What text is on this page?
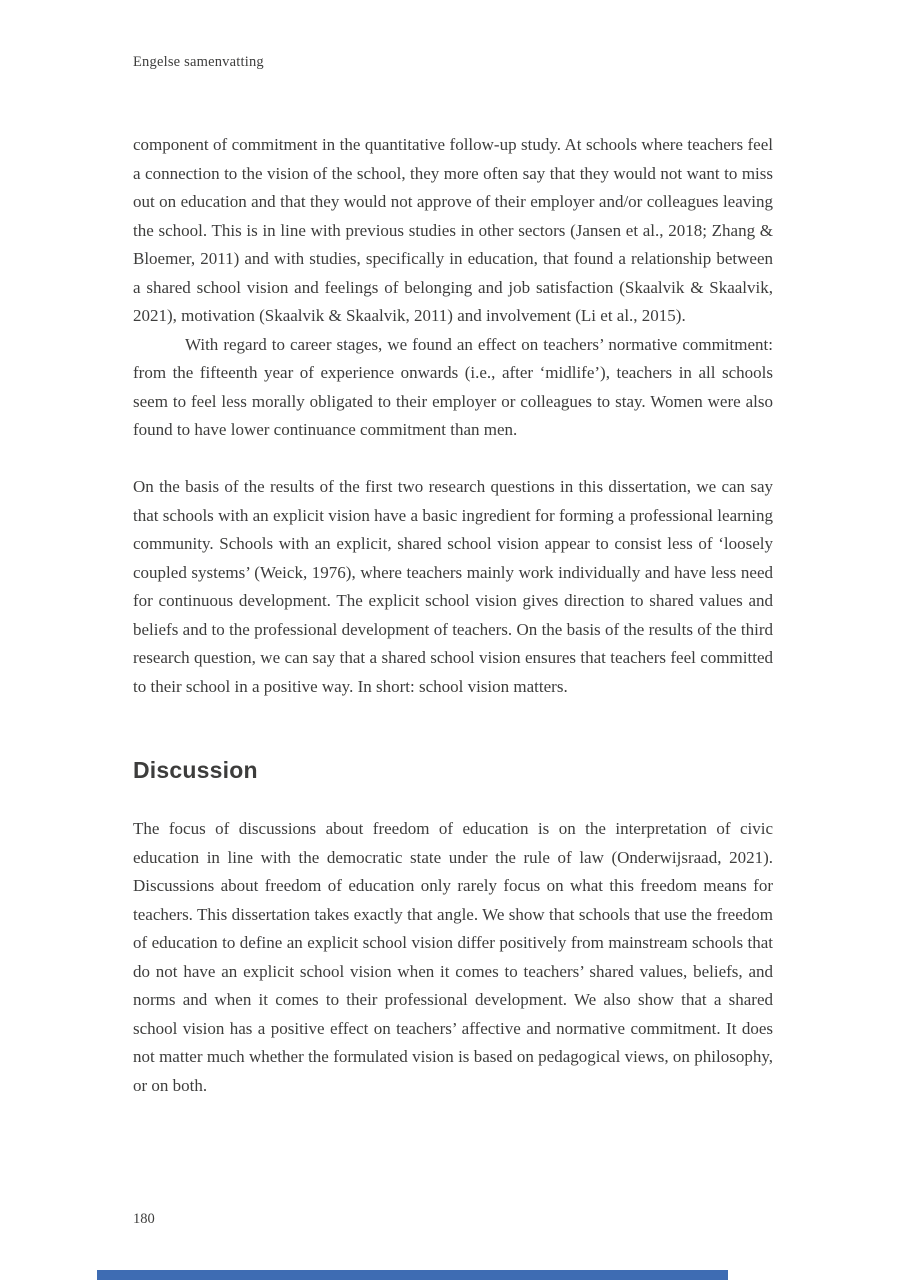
Engelse samenvatting

component of commitment in the quantitative follow-up study. At schools where teachers feel a connection to the vision of the school, they more often say that they would not want to miss out on education and that they would not approve of their employer and/or colleagues leaving the school. This is in line with previous studies in other sectors (Jansen et al., 2018; Zhang & Bloemer, 2011) and with studies, specifically in education, that found a relationship between a shared school vision and feelings of belonging and job satisfaction (Skaalvik & Skaalvik, 2021), motivation (Skaalvik & Skaalvik, 2011) and involvement (Li et al., 2015).

With regard to career stages, we found an effect on teachers’ normative commitment: from the fifteenth year of experience onwards (i.e., after ‘midlife’), teachers in all schools seem to feel less morally obligated to their employer or colleagues to stay. Women were also found to have lower continuance commitment than men.

On the basis of the results of the first two research questions in this dissertation, we can say that schools with an explicit vision have a basic ingredient for forming a professional learning community. Schools with an explicit, shared school vision appear to consist less of ‘loosely coupled systems’ (Weick, 1976), where teachers mainly work individually and have less need for continuous development. The explicit school vision gives direction to shared values and beliefs and to the professional development of teachers. On the basis of the results of the third research question, we can say that a shared school vision ensures that teachers feel committed to their school in a positive way. In short: school vision matters.

Discussion

The focus of discussions about freedom of education is on the interpretation of civic education in line with the democratic state under the rule of law (Onderwijsraad, 2021). Discussions about freedom of education only rarely focus on what this freedom means for teachers. This dissertation takes exactly that angle. We show that schools that use the freedom of education to define an explicit school vision differ positively from mainstream schools that do not have an explicit school vision when it comes to teachers’ shared values, beliefs, and norms and when it comes to their professional development. We also show that a shared school vision has a positive effect on teachers’ affective and normative commitment. It does not matter much whether the formulated vision is based on pedagogical views, on philosophy, or on both.

180
